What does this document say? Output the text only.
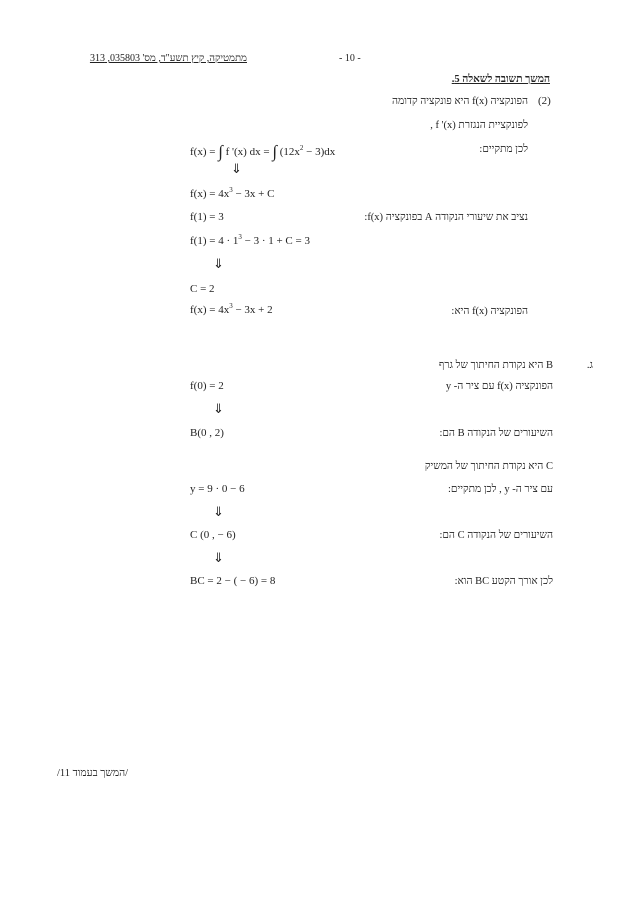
מתמטיקה, קיץ תשע"ד, מס' 035803, 313	- 10 -
המשך תשובה לשאלה 5.
(2)
הפונקציה f(x) היא פונקציה קדומה
לפונקציית הנגזרת f '(x) ,
לכן מתקיים:
f(x) = ∫ f '(x) dx = ∫ $(12x^2 - 3)dx$
⇓
$f(x) = 4x^3 - 3x + C$
נציב את שיעורי הנקודה A בפונקציה f(x):
f(1) = 3
$f(1) = 4 \cdot 1^3 - 3 \cdot 1 + C = 3$
⇓
C = 2
הפונקציה f(x) היא:
$f(x) = 4x^3 - 3x + 2$
ג.
B היא נקודת החיתוך של גרף
הפונקציה f(x) עם ציר ה- y
f(0) = 2
⇓
השיעורים של הנקודה B הם:
B(0 , 2)
C היא נקודת החיתוך של המשיק
עם ציר ה- y , לכן מתקיים:
y = 9 · 0 − 6
⇓
השיעורים של הנקודה C הם:
C (0 , − 6)
⇓
לכן אורך הקטע BC הוא:
BC = 2 − ( − 6) = 8
/המשך בעמוד 11/
